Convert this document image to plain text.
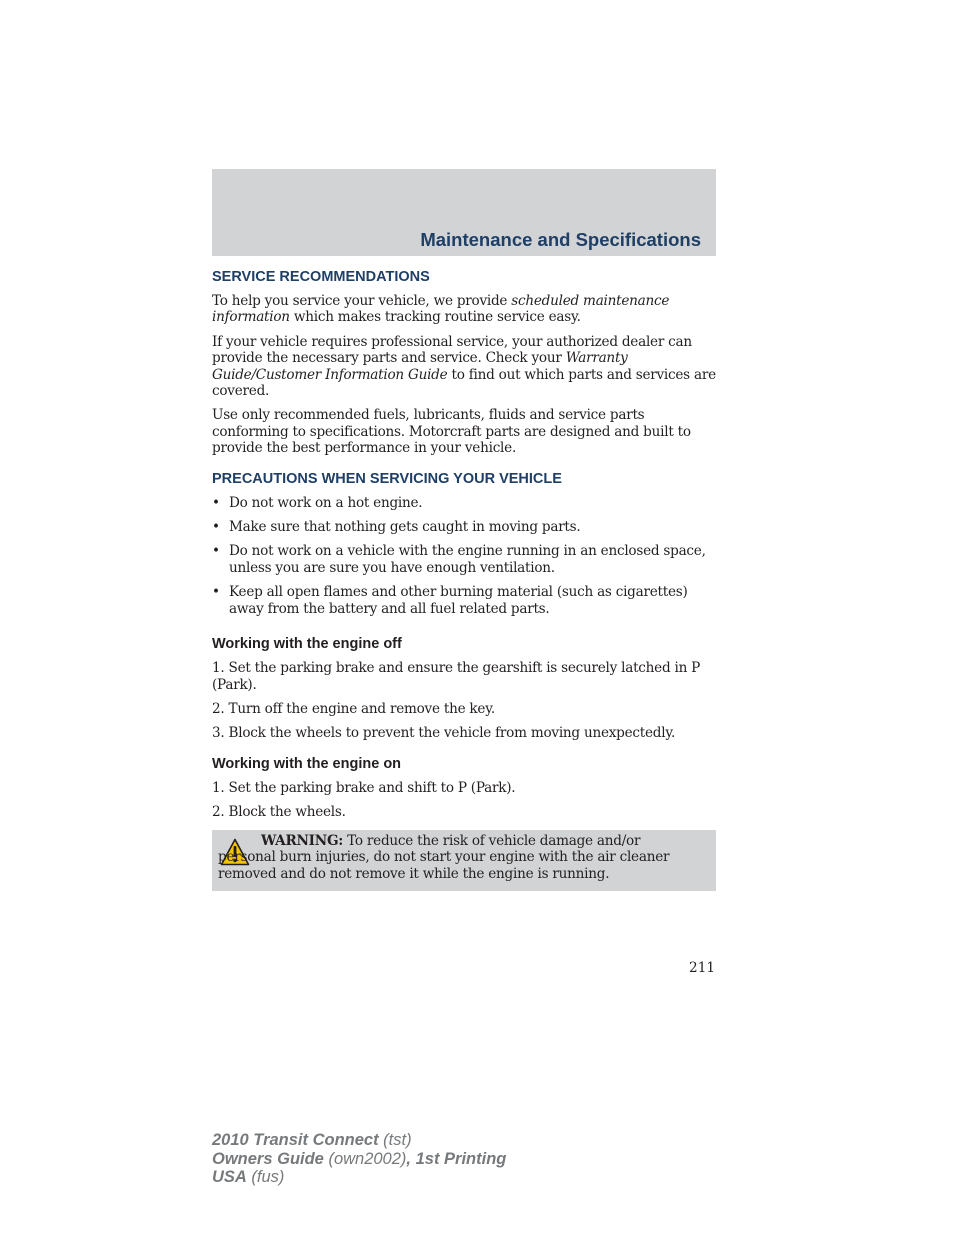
Maintenance and Specifications
SERVICE RECOMMENDATIONS

To help you service your vehicle, we provide scheduled maintenance information which makes tracking routine service easy.

If your vehicle requires professional service, your authorized dealer can provide the necessary parts and service. Check your Warranty Guide/Customer Information Guide to find out which parts and services are covered.

Use only recommended fuels, lubricants, fluids and service parts conforming to specifications. Motorcraft parts are designed and built to provide the best performance in your vehicle.

PRECAUTIONS WHEN SERVICING YOUR VEHICLE
• Do not work on a hot engine.
• Make sure that nothing gets caught in moving parts.
• Do not work on a vehicle with the engine running in an enclosed space, unless you are sure you have enough ventilation.
• Keep all open flames and other burning material (such as cigarettes) away from the battery and all fuel related parts.
Working with the engine off

1. Set the parking brake and ensure the gearshift is securely latched in P (Park).

2. Turn off the engine and remove the key.

3. Block the wheels to prevent the vehicle from moving unexpectedly.

Working with the engine on

1. Set the parking brake and shift to P (Park).

2. Block the wheels.

WARNING: To reduce the risk of vehicle damage and/or personal burn injuries, do not start your engine with the air cleaner removed and do not remove it while the engine is running.
211
2010 Transit Connect (tst)
Owners Guide (own2002), 1st Printing
USA (fus)
